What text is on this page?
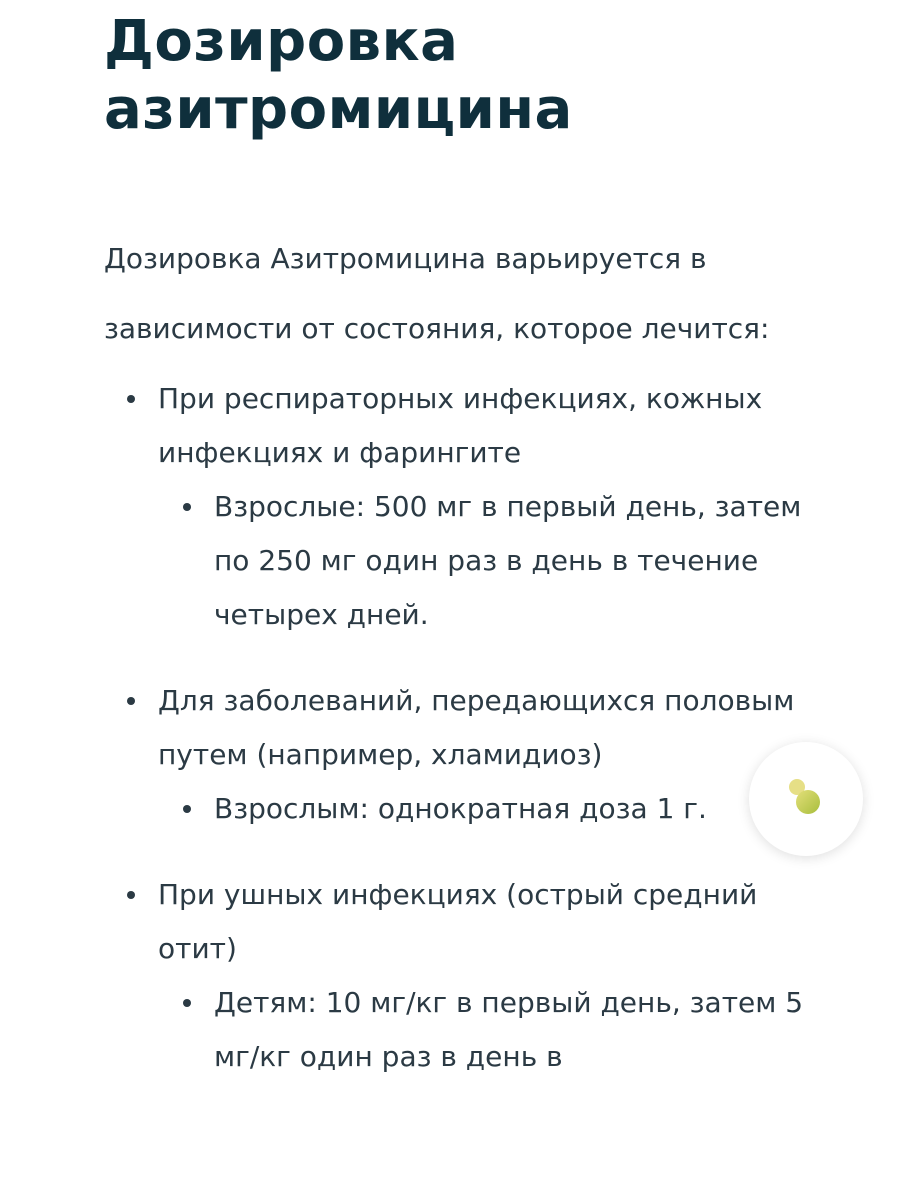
Дозировка
азитромицина

Дозировка Азитромицина варьируется в зависимости от состояния, которое лечится:

При респираторных инфекциях, кожных инфекциях и фарингите
Взрослые: 500 мг в первый день, затем по 250 мг один раз в день в течение четырех дней.
Для заболеваний, передающихся половым путем (например, хламидиоз)
Взрослым: однократная доза 1 г.
При ушных инфекциях (острый средний отит)
Детям: 10 мг/кг в первый день, затем 5 мг/кг один раз в день в
